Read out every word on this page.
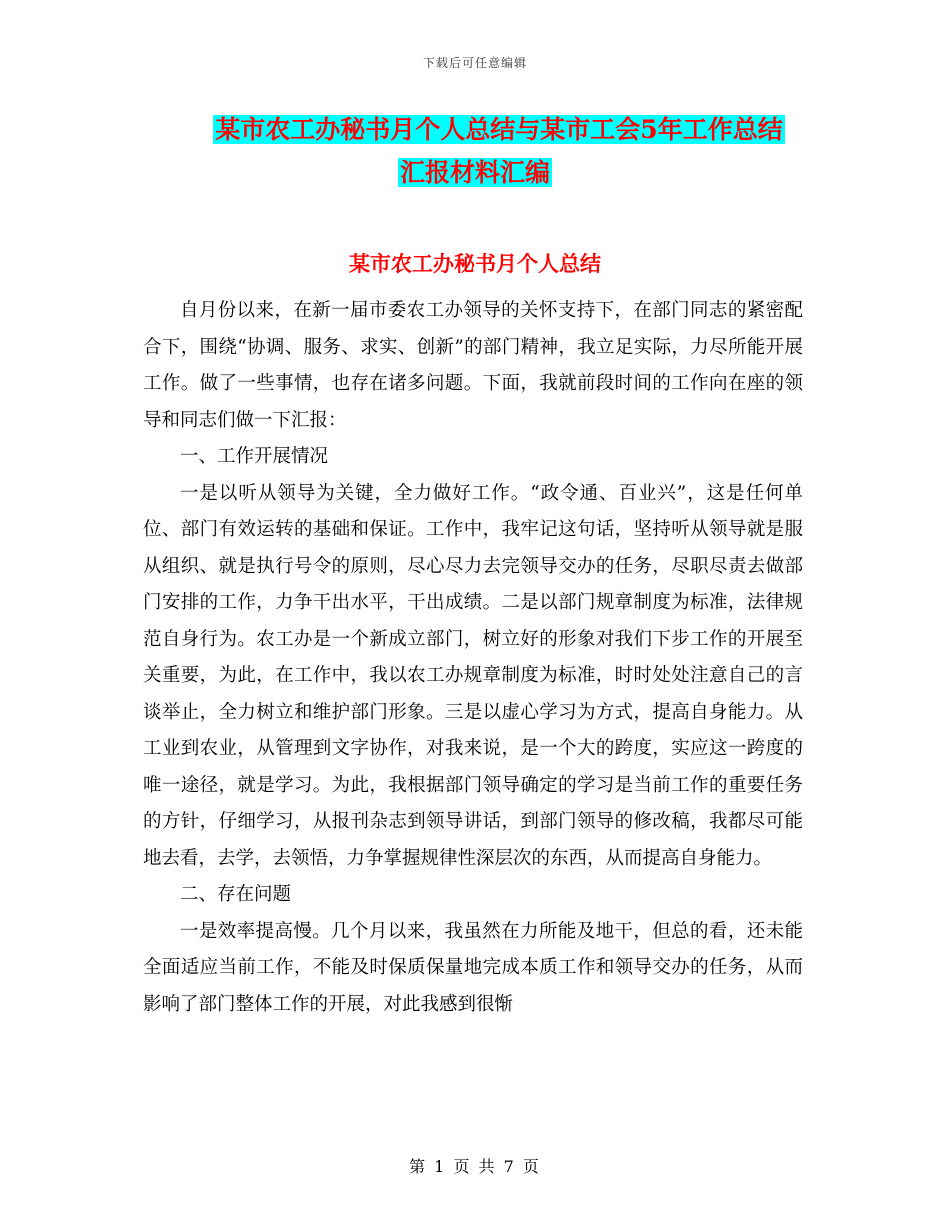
下载后可任意编辑
某市农工办秘书月个人总结与某市工会5年工作总结
汇报材料汇编
某市农工办秘书月个人总结

自月份以来，在新一届市委农工办领导的关怀支持下，在部门同志的紧密配合下，围绕“协调、服务、求实、创新”的部门精神，我立足实际，力尽所能开展工作。做了一些事情，也存在诸多问题。下面，我就前段时间的工作向在座的领导和同志们做一下汇报：

一、工作开展情况

一是以听从领导为关键，全力做好工作。“政令通、百业兴”，这是任何单位、部门有效运转的基础和保证。工作中，我牢记这句话，坚持听从领导就是服从组织、就是执行号令的原则，尽心尽力去完领导交办的任务，尽职尽责去做部门安排的工作，力争干出水平，干出成绩。二是以部门规章制度为标准，法律规范自身行为。农工办是一个新成立部门，树立好的形象对我们下步工作的开展至关重要，为此，在工作中，我以农工办规章制度为标准，时时处处注意自己的言谈举止，全力树立和维护部门形象。三是以虚心学习为方式，提高自身能力。从工业到农业，从管理到文字协作，对我来说，是一个大的跨度，实应这一跨度的唯一途径，就是学习。为此，我根据部门领导确定的学习是当前工作的重要任务的方针，仔细学习，从报刊杂志到领导讲话，到部门领导的修改稿，我都尽可能地去看，去学，去领悟，力争掌握规律性深层次的东西，从而提高自身能力。

二、存在问题

一是效率提高慢。几个月以来，我虽然在力所能及地干，但总的看，还未能全面适应当前工作，不能及时保质保量地完成本质工作和领导交办的任务，从而影响了部门整体工作的开展，对此我感到很惭

第 1 页 共 7 页
